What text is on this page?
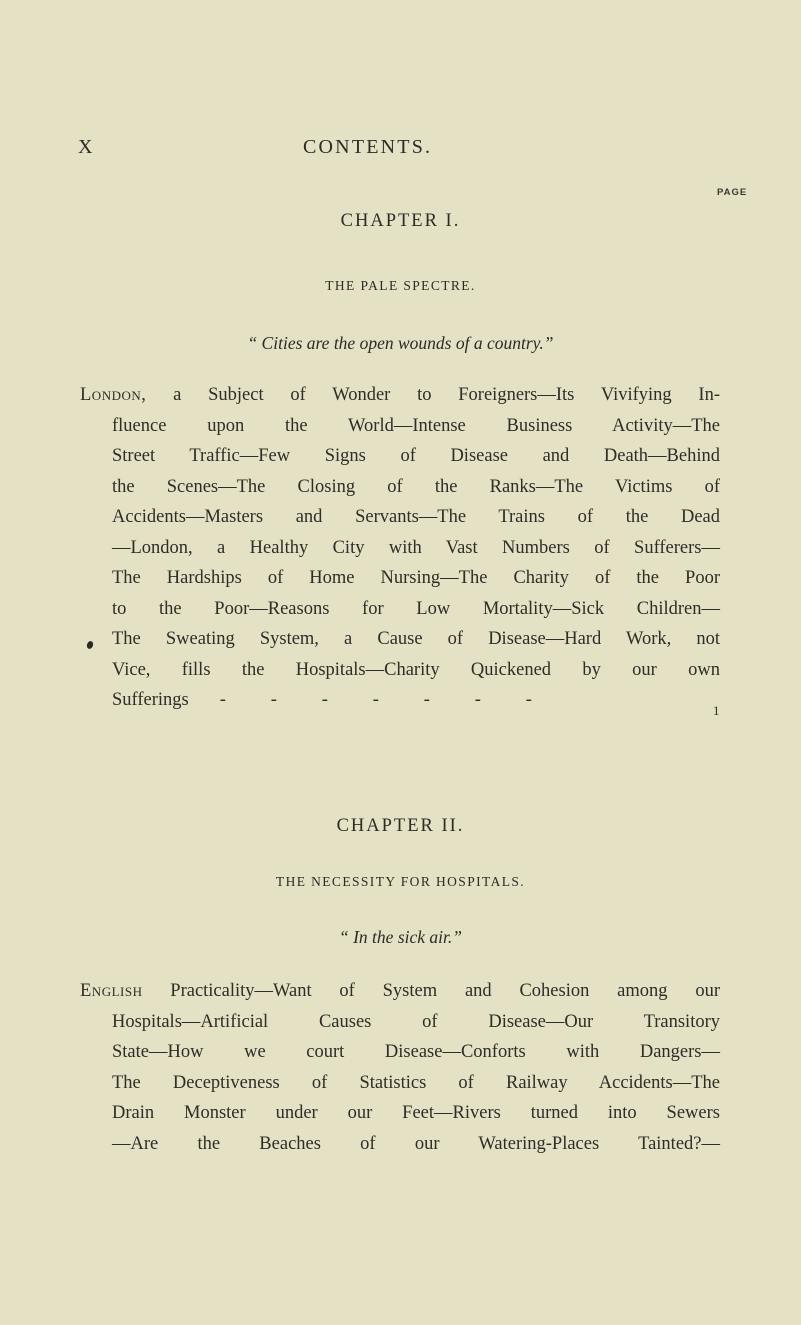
X	CONTENTS.
PAGE
CHAPTER I.
THE PALE SPECTRE.
“ Cities are the open wounds of a country.”
London, a Subject of Wonder to Foreigners—Its Vivifying In-
fluence upon the World—Intense Business Activity—The
Street Traffic—Few Signs of Disease and Death—Behind
the Scenes—The Closing of the Ranks—The Victims of
Accidents—Masters and Servants—The Trains of the Dead
—London, a Healthy City with Vast Numbers of Sufferers—
The Hardships of Home Nursing—The Charity of the Poor
to the Poor—Reasons for Low Mortality—Sick Children—
The Sweating System, a Cause of Disease—Hard Work, not
Vice, fills the Hospitals—Charity Quickened by our own
Sufferings - - - - - - -
1
CHAPTER II.
THE NECESSITY FOR HOSPITALS.
“ In the sick air.”
English Practicality—Want of System and Cohesion among our
Hospitals—Artificial Causes of Disease—Our Transitory
State—How we court Disease—Conforts with Dangers—
The Deceptiveness of Statistics of Railway Accidents—The
Drain Monster under our Feet—Rivers turned into Sewers
—Are the Beaches of our Watering-Places Tainted?—
